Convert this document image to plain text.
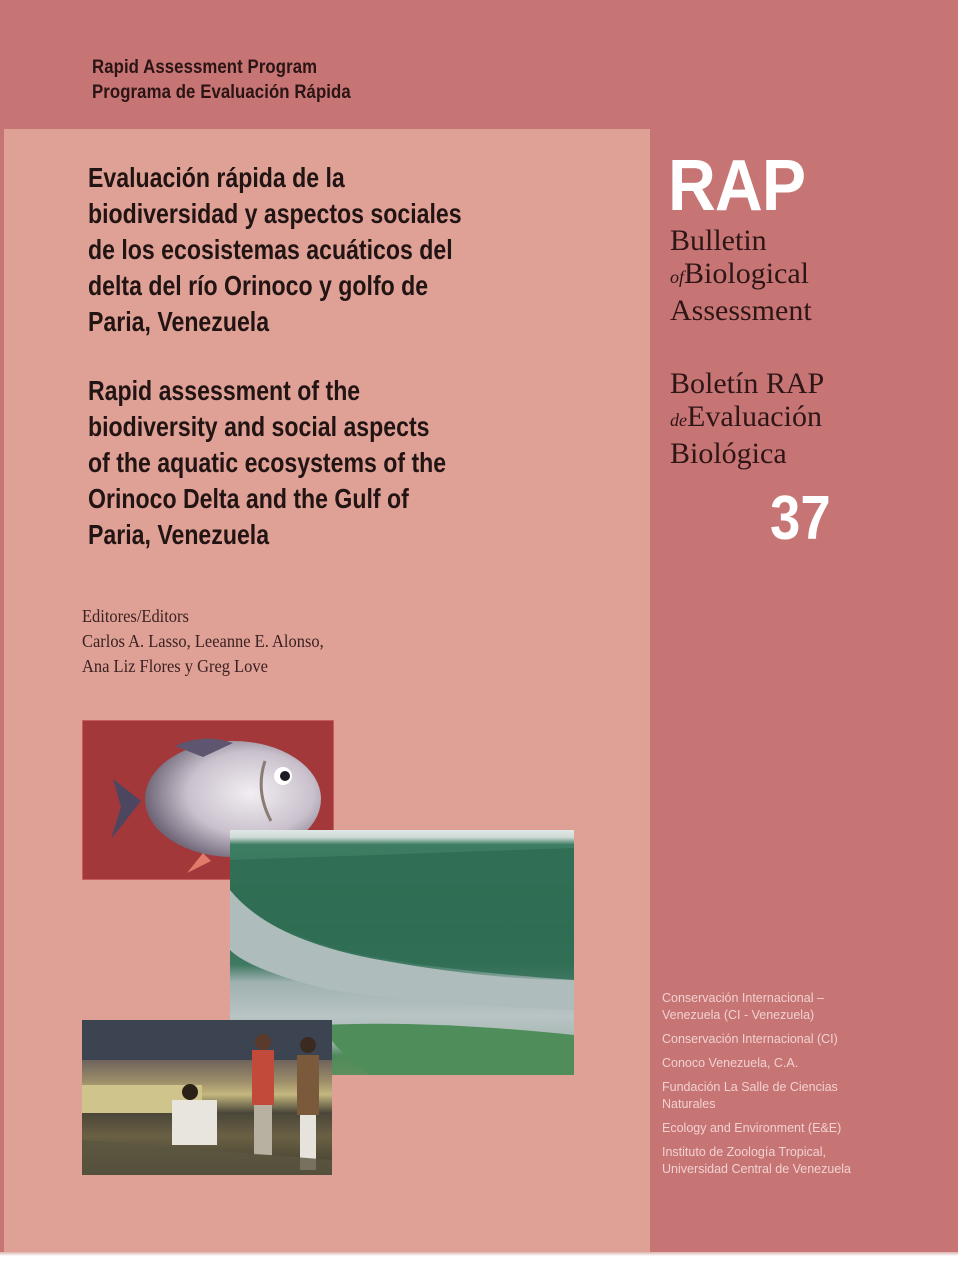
Rapid Assessment Program
Programa de Evaluación Rápida
Evaluación rápida de la
biodiversidad y aspectos sociales
de los ecosistemas acuáticos del
delta del río Orinoco y golfo de
Paria, Venezuela
Rapid assessment of the
biodiversity and social aspects
of the aquatic ecosystems of the
Orinoco Delta and the Gulf of
Paria, Venezuela
Editores/Editors
Carlos A. Lasso, Leeanne E. Alonso,
Ana Liz Flores y Greg Love
RAP
Bulletin
ofBiological
Assessment
Boletín RAP
deEvaluación
Biológica
37
Conservación Internacional –
Venezuela (CI - Venezuela)
Conservación Internacional (CI)
Conoco Venezuela, C.A.
Fundación La Salle de Ciencias
Naturales
Ecology and Environment (E&E)
Instituto de Zoología Tropical,
Universidad Central de Venezuela
